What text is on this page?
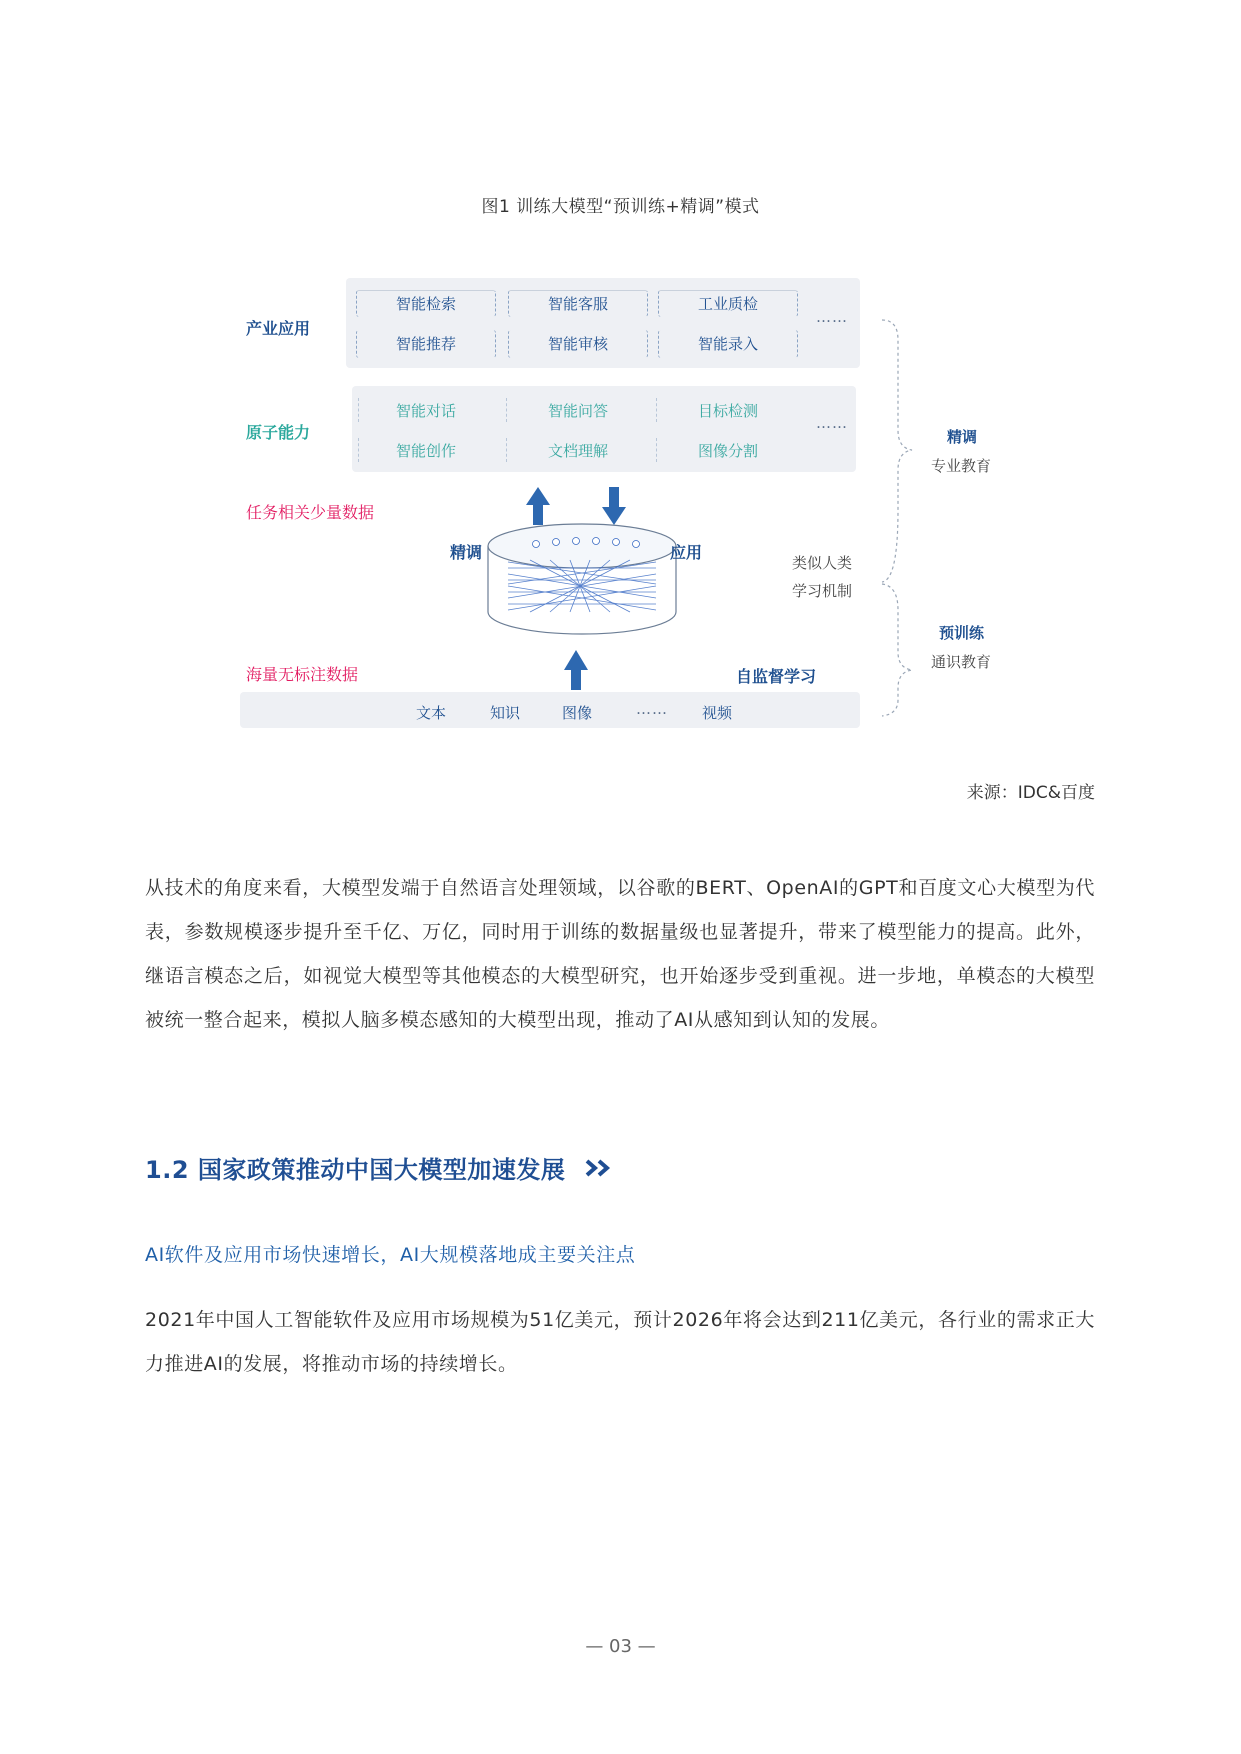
图1 训练大模型“预训练+精调”模式
产业应用
智能检索	智能客服	工业质检
智能推荐	智能审核	智能录入
……
原子能力
智能对话	智能问答	目标检测
智能创作	文档理解	图像分割
……
任务相关少量数据
海量无标注数据
精调	应用
自监督学习
文本	知识	图像	…… 视频
精调
专业教育
类似人类
学习机制
预训练
通识教育
来源：IDC&百度
从技术的角度来看，大模型发端于自然语言处理领域，以谷歌的BERT、OpenAI的GPT和百度文心大模型为代表，参数规模逐步提升至千亿、万亿，同时用于训练的数据量级也显著提升，带来了模型能力的提高。此外，继语言模态之后，如视觉大模型等其他模态的大模型研究，也开始逐步受到重视。进一步地，单模态的大模型被统一整合起来，模拟人脑多模态感知的大模型出现，推动了AI从感知到认知的发展。
1.2 国家政策推动中国大模型加速发展
AI软件及应用市场快速增长，AI大规模落地成主要关注点
2021年中国人工智能软件及应用市场规模为51亿美元，预计2026年将会达到211亿美元，各行业的需求正大力推进AI的发展，将推动市场的持续增长。
— 03 —
